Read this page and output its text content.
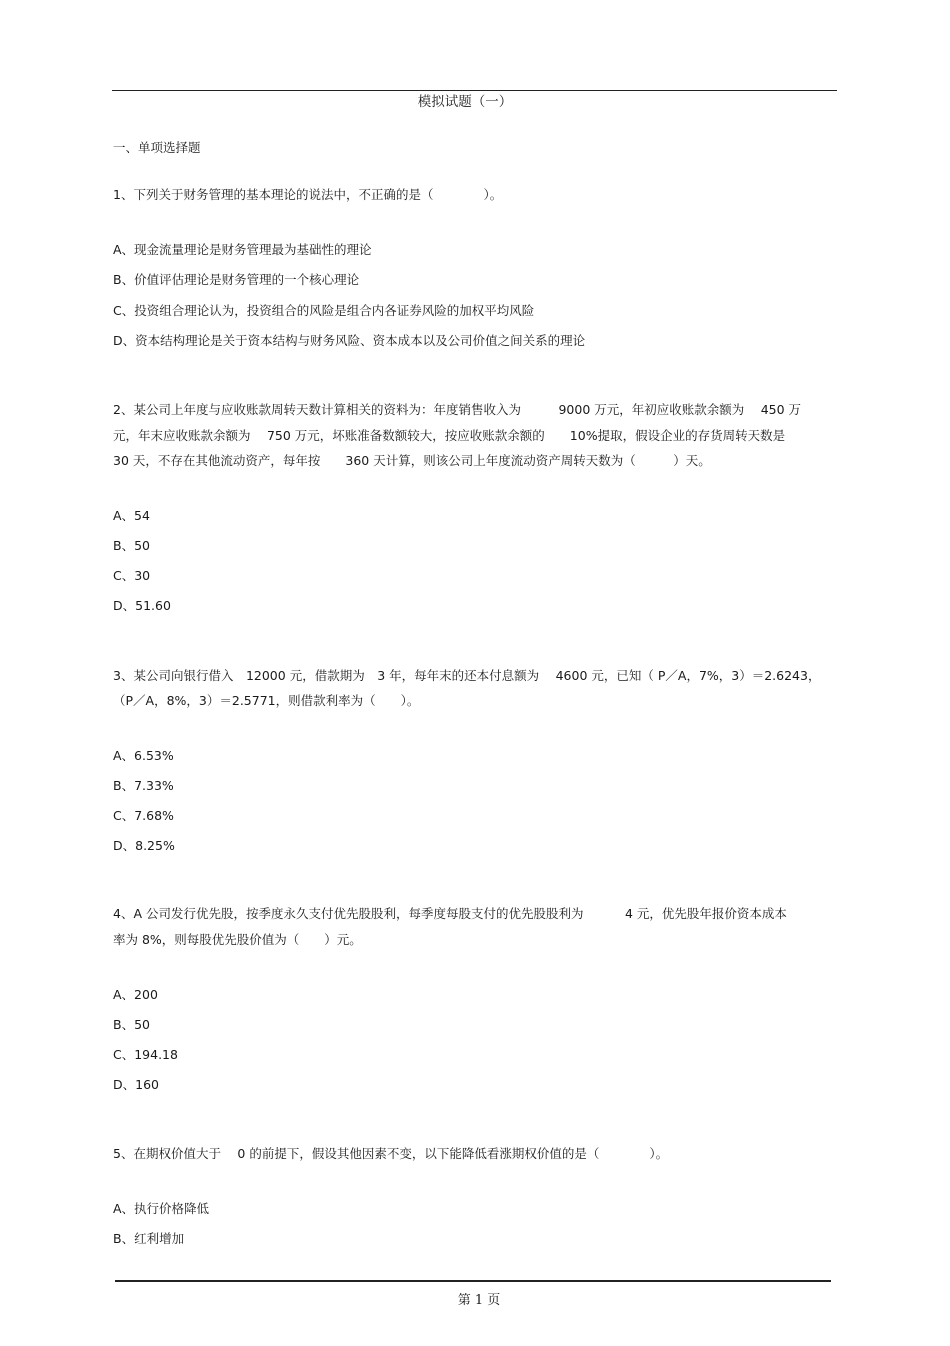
模拟试题（一）
一、单项选择题
1、下列关于财务管理的基本理论的说法中，不正确的是（　　　　）。
A、现金流量理论是财务管理最为基础性的理论
B、价值评估理论是财务管理的一个核心理论
C、投资组合理论认为，投资组合的风险是组合内各证券风险的加权平均风险
D、资本结构理论是关于资本结构与财务风险、资本成本以及公司价值之间关系的理论
2、某公司上年度与应收账款周转天数计算相关的资料为：年度销售收入为　　　9000 万元，年初应收账款余额为　 450 万
元，年末应收账款余额为　 750 万元，坏账准备数额较大，按应收账款余额的　　10%提取，假设企业的存货周转天数是
30 天，不存在其他流动资产，每年按　　360 天计算，则该公司上年度流动资产周转天数为（　　　）天。
A、54
B、50
C、30
D、51.60
3、某公司向银行借入　12000 元，借款期为　3 年，每年末的还本付息额为　 4600 元，已知（ P／A，7%，3）＝2.6243，
（P／A，8%，3）＝2.5771，则借款利率为（　　）。
A、6.53%
B、7.33%
C、7.68%
D、8.25%
4、A 公司发行优先股，按季度永久支付优先股股利，每季度每股支付的优先股股利为　　　 4 元，优先股年报价资本成本
率为 8%，则每股优先股价值为（　　）元。
A、200
B、50
C、194.18
D、160
5、在期权价值大于　 0 的前提下，假设其他因素不变，以下能降低看涨期权价值的是（　　　　）。
A、执行价格降低
B、红利增加
第 1 页
